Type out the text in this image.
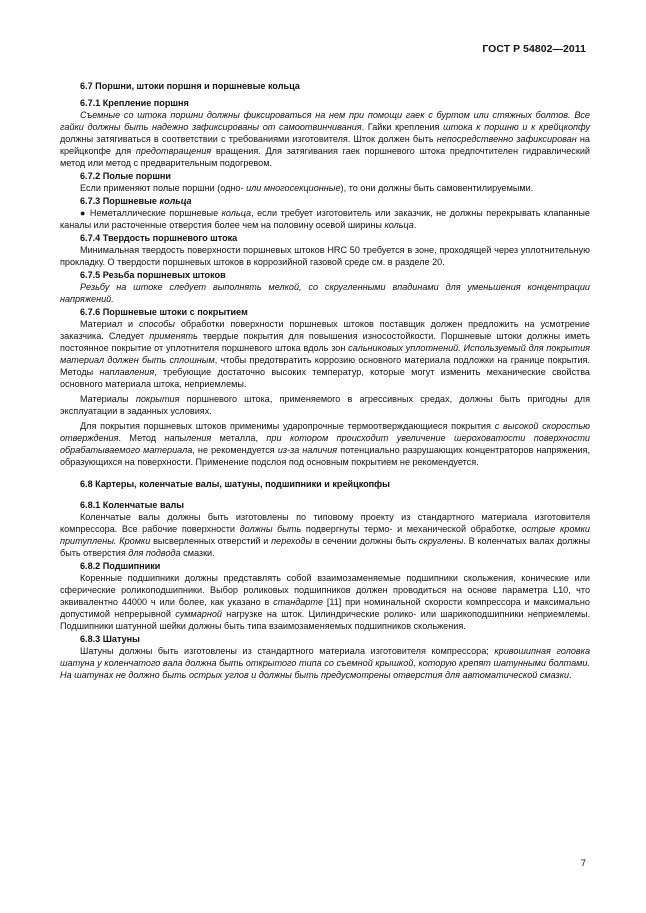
ГОСТ Р 54802—2011
6.7 Поршни, штоки поршня и поршневые кольца
6.7.1 Крепление поршня

Съемные со штока поршни должны фиксироваться на нем при помощи гаек с буртом или стяжных болтов. Все гайки должны быть надежно зафиксированы от самоотвинчивания. Гайки крепления штока к поршню и к крейцкопфу должны затягиваться в соответствии с требованиями изготовителя. Шток должен быть непосредственно зафиксирован на крейцкопфе для предотвращения вращения. Для затягивания гаек поршневого штока предпочтителен гидравлический метод или метод с предварительным подогревом.

6.7.2 Полые поршни

Если применяют полые поршни (одно- или многосекционные), то они должны быть самовентилируемыми.

6.7.3 Поршневые кольца

● Неметаллические поршневые кольца, если требует изготовитель или заказчик, не должны перекрывать клапанные каналы или расточенные отверстия более чем на половину осевой ширины кольца.

6.7.4 Твердость поршневого штока

Минимальная твердость поверхности поршневых штоков HRC 50 требуется в зоне, проходящей через уплотнительную прокладку. О твердости поршневых штоков в коррозийной газовой среде см. в разделе 20.

6.7.5 Резьба поршневых штоков

Резьбу на штоке следует выполнять мелкой, со скругленными впадинами для уменьшения концентрации напряжений.

6.7.6 Поршневые штоки с покрытием

Материал и способы обработки поверхности поршневых штоков поставщик должен предложить на усмотрение заказчика. Следует применять твердые покрытия для повышения износостойкости. Поршневые штоки должны иметь постоянное покрытие от уплотнителя поршневого штока вдоль зон сальниковых уплотнений. Используемый для покрытия материал должен быть сплошным, чтобы предотвратить коррозию основного материала подложки на границе покрытия. Методы наплавления, требующие достаточно высоких температур, которые могут изменить механические свойства основного материала штока, неприемлемы.

Материалы покрытия поршневого штока, применяемого в агрессивных средах, должны быть пригодны для эксплуатации в заданных условиях.

Для покрытия поршневых штоков применимы ударопрочные термоотверждающиеся покрытия с высокой скоростью отверждения. Метод напыления металла, при котором происходит увеличение шероховатости поверхности обрабатываемого материала, не рекомендуется из-за наличия потенциально разрушающих концентраторов напряжения, образующихся на поверхности. Применение подслоя под основным покрытием не рекомендуется.

6.8 Картеры, коленчатые валы, шатуны, подшипники и крейцкопфы
6.8.1 Коленчатые валы

Коленчатые валы должны быть изготовлены по типовому проекту из стандартного материала изготовителя компрессора. Все рабочие поверхности должны быть подвергнуты термо- и механической обработке, острые кромки притуплены. Кромки высверленных отверстий и переходы в сечении должны быть скруглены. В коленчатых валах должны быть отверстия для подвода смазки.

6.8.2 Подшипники

Коренные подшипники должны представлять собой взаимозаменяемые подшипники скольжения, конические или сферические роликоподшипники. Выбор роликовых подшипников должен проводиться на основе параметра L10, что эквивалентно 44000 ч или более, как указано в стандарте [11] при номинальной скорости компрессора и максимально допустимой непрерывной суммарной нагрузке на шток. Цилиндрические роликo- или шарикоподшипники неприемлемы. Подшипники шатунной шейки должны быть типа взаимозаменяемых подшипников скольжения.

6.8.3 Шатуны

Шатуны должны быть изготовлены из стандартного материала изготовителя компрессора; кривошипная головка шатуна у коленчатого вала должна быть открытого типа со съемной крышкой, которую крепят шатунными болтами. На шатунах не должно быть острых углов и должны быть предусмотрены отверстия для автоматической смазки.

7
